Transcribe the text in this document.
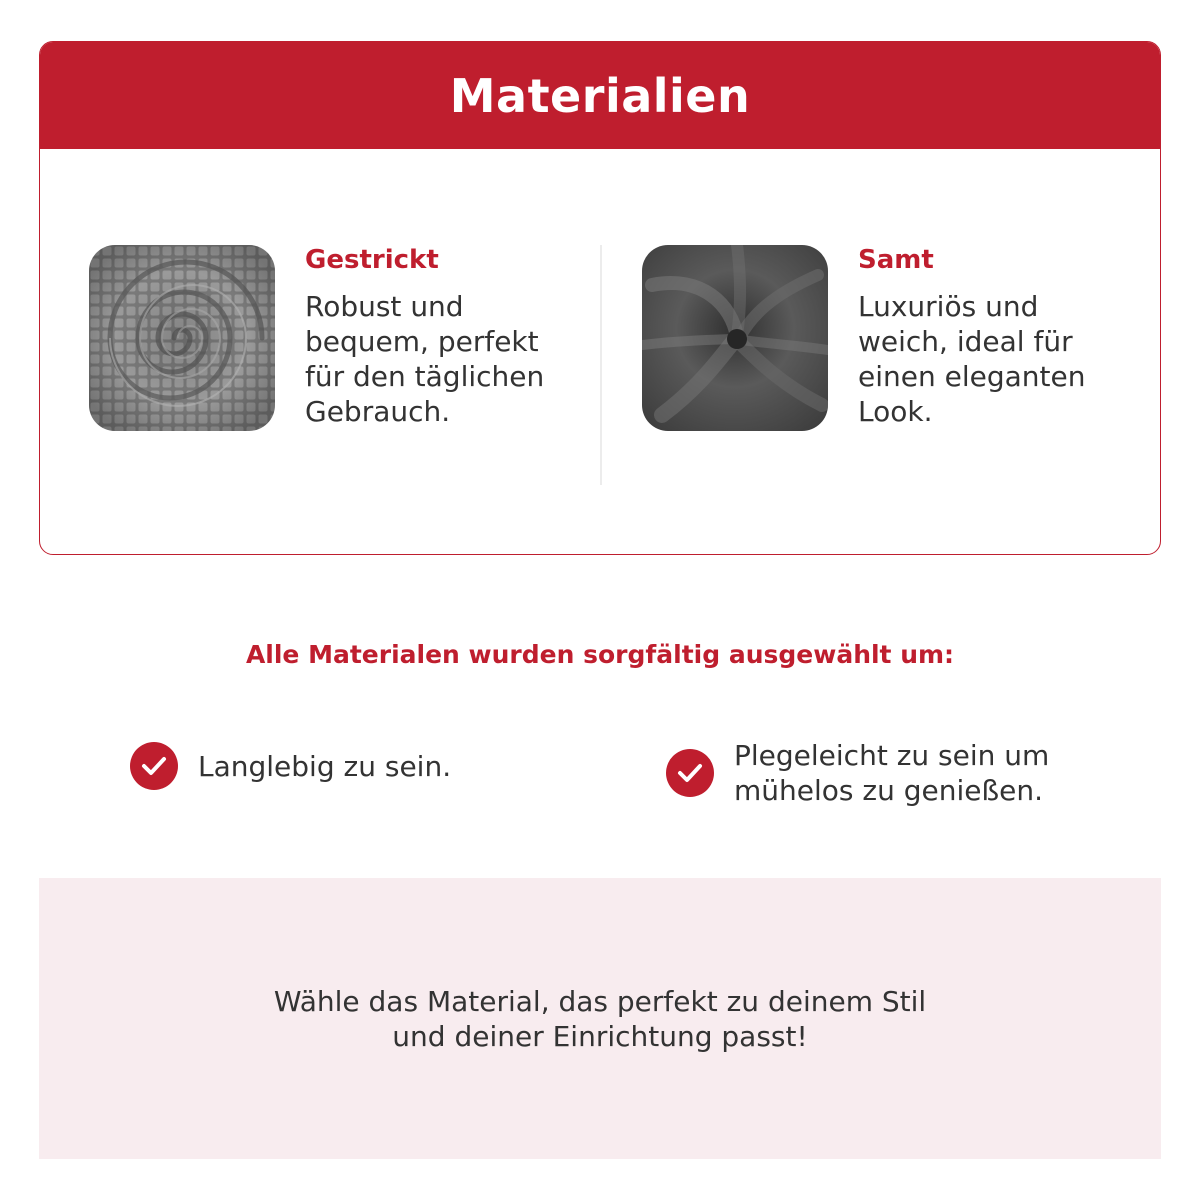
Materialien
Gestrickt
Robust und bequem, perfekt für den täglichen Gebrauch.
Samt
Luxuriös und weich, ideal für einen eleganten Look.
Alle Materialen wurden sorgfältig ausgewählt um:
Langlebig zu sein.	Plegeleicht zu sein um mühelos zu genießen.

Wähle das Material, das perfekt zu deinem Stil und deiner Einrichtung passt!
